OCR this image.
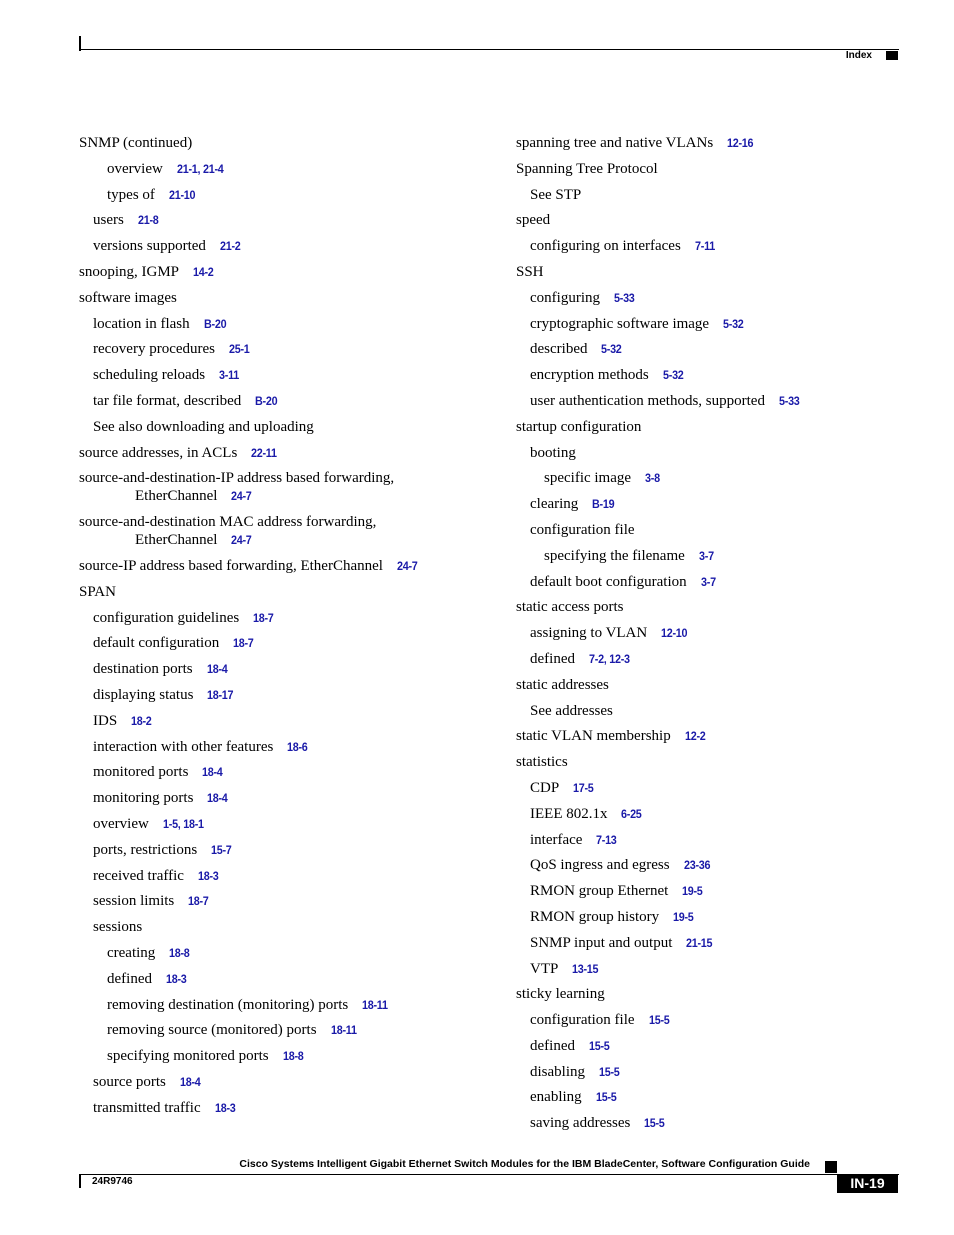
Index
SNMP (continued)
overview 21-1, 21-4
types of 21-10
users 21-8
versions supported 21-2
snooping, IGMP 14-2
software images
location in flash B-20
recovery procedures 25-1
scheduling reloads 3-11
tar file format, described B-20
See also downloading and uploading
source addresses, in ACLs 22-11
source-and-destination-IP address based forwarding,
EtherChannel 24-7
source-and-destination MAC address forwarding,
EtherChannel 24-7
source-IP address based forwarding, EtherChannel 24-7
SPAN
configuration guidelines 18-7
default configuration 18-7
destination ports 18-4
displaying status 18-17
IDS 18-2
interaction with other features 18-6
monitored ports 18-4
monitoring ports 18-4
overview 1-5, 18-1
ports, restrictions 15-7
received traffic 18-3
session limits 18-7
sessions
creating 18-8
defined 18-3
removing destination (monitoring) ports 18-11
removing source (monitored) ports 18-11
specifying monitored ports 18-8
source ports 18-4
transmitted traffic 18-3
spanning tree and native VLANs 12-16
Spanning Tree Protocol
See STP
speed
configuring on interfaces 7-11
SSH
configuring 5-33
cryptographic software image 5-32
described 5-32
encryption methods 5-32
user authentication methods, supported 5-33
startup configuration
booting
specific image 3-8
clearing B-19
configuration file
specifying the filename 3-7
default boot configuration 3-7
static access ports
assigning to VLAN 12-10
defined 7-2, 12-3
static addresses
See addresses
static VLAN membership 12-2
statistics
CDP 17-5
IEEE 802.1x 6-25
interface 7-13
QoS ingress and egress 23-36
RMON group Ethernet 19-5
RMON group history 19-5
SNMP input and output 21-15
VTP 13-15
sticky learning
configuration file 15-5
defined 15-5
disabling 15-5
enabling 15-5
saving addresses 15-5
Cisco Systems Intelligent Gigabit Ethernet Switch Modules for the IBM BladeCenter, Software Configuration Guide
24R9746	IN-19
